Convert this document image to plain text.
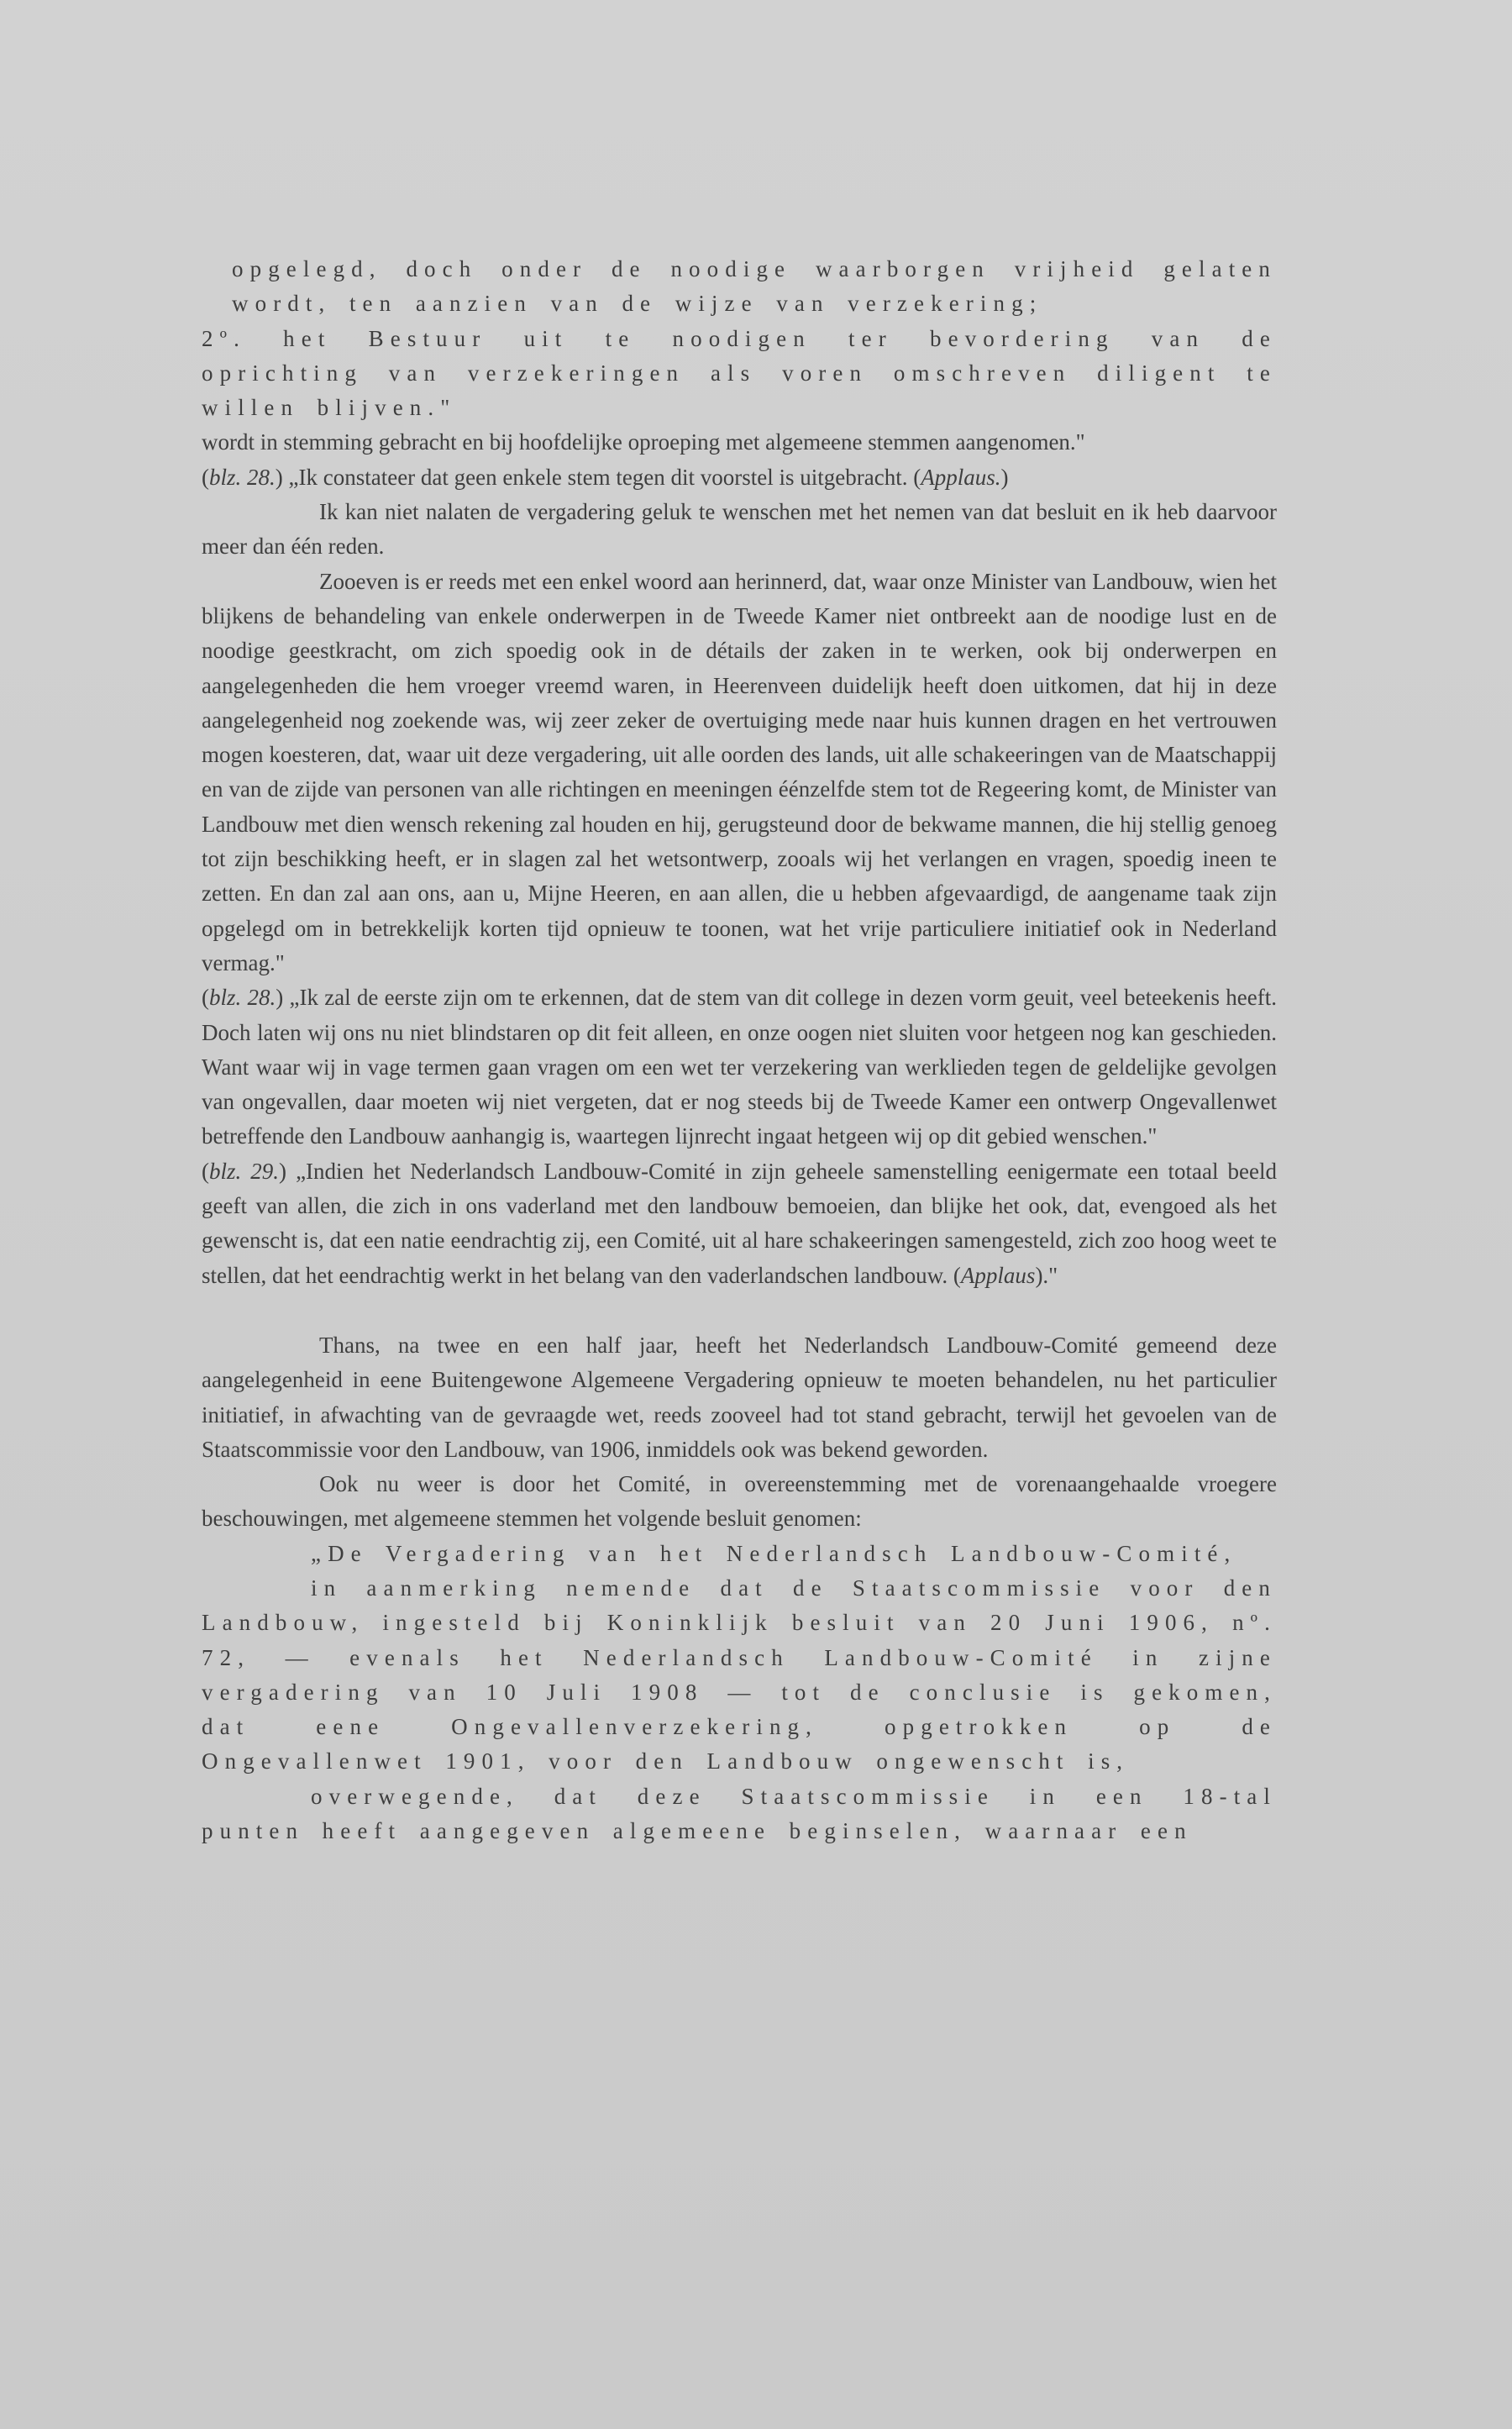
opgelegd, doch onder de noodige waarborgen vrijheid gelaten wordt, ten aanzien van de wijze van verzekering;

2º. het Bestuur uit te noodigen ter bevordering van de oprichting van verzekeringen als voren omschreven diligent te willen blijven."

wordt in stemming gebracht en bij hoofdelijke oproeping met algemeene stemmen aangenomen."

(blz. 28.) „Ik constateer dat geen enkele stem tegen dit voorstel is uitgebracht. (Applaus.)

Ik kan niet nalaten de vergadering geluk te wenschen met het nemen van dat besluit en ik heb daarvoor meer dan één reden.

Zooeven is er reeds met een enkel woord aan herinnerd, dat, waar onze Minister van Landbouw, wien het blijkens de behandeling van enkele onderwerpen in de Tweede Kamer niet ontbreekt aan de noodige lust en de noodige geestkracht, om zich spoedig ook in de détails der zaken in te werken, ook bij onderwerpen en aangelegenheden die hem vroeger vreemd waren, in Heerenveen duidelijk heeft doen uitkomen, dat hij in deze aangelegenheid nog zoekende was, wij zeer zeker de overtuiging mede naar huis kunnen dragen en het vertrouwen mogen koesteren, dat, waar uit deze vergadering, uit alle oorden des lands, uit alle schakeeringen van de Maatschappij en van de zijde van personen van alle richtingen en meeningen éénzelfde stem tot de Regeering komt, de Minister van Landbouw met dien wensch rekening zal houden en hij, gerugsteund door de bekwame mannen, die hij stellig genoeg tot zijn beschikking heeft, er in slagen zal het wetsontwerp, zooals wij het verlangen en vragen, spoedig ineen te zetten. En dan zal aan ons, aan u, Mijne Heeren, en aan allen, die u hebben afgevaardigd, de aangename taak zijn opgelegd om in betrekkelijk korten tijd opnieuw te toonen, wat het vrije particuliere initiatief ook in Nederland vermag."

(blz. 28.) „Ik zal de eerste zijn om te erkennen, dat de stem van dit college in dezen vorm geuit, veel beteekenis heeft. Doch laten wij ons nu niet blindstaren op dit feit alleen, en onze oogen niet sluiten voor hetgeen nog kan geschieden. Want waar wij in vage termen gaan vragen om een wet ter verzekering van werklieden tegen de geldelijke gevolgen van ongevallen, daar moeten wij niet vergeten, dat er nog steeds bij de Tweede Kamer een ontwerp Ongevallenwet betreffende den Landbouw aanhangig is, waartegen lijnrecht ingaat hetgeen wij op dit gebied wenschen."

(blz. 29.) „Indien het Nederlandsch Landbouw-Comité in zijn geheele samenstelling eenigermate een totaal beeld geeft van allen, die zich in ons vaderland met den landbouw bemoeien, dan blijke het ook, dat, evengoed als het gewenscht is, dat een natie eendrachtig zij, een Comité, uit al hare schakeeringen samengesteld, zich zoo hoog weet te stellen, dat het eendrachtig werkt in het belang van den vaderlandschen landbouw. (Applaus)."

Thans, na twee en een half jaar, heeft het Nederlandsch Landbouw-Comité gemeend deze aangelegenheid in eene Buitengewone Algemeene Vergadering opnieuw te moeten behandelen, nu het particulier initiatief, in afwachting van de gevraagde wet, reeds zooveel had tot stand gebracht, terwijl het gevoelen van de Staatscommissie voor den Landbouw, van 1906, inmiddels ook was bekend geworden.

Ook nu weer is door het Comité, in overeenstemming met de vorenaangehaalde vroegere beschouwingen, met algemeene stemmen het volgende besluit genomen:

„De Vergadering van het Nederlandsch Landbouw-Comité,

in aanmerking nemende dat de Staatscommissie voor den Landbouw, ingesteld bij Koninklijk besluit van 20 Juni 1906, nº. 72, — evenals het Nederlandsch Landbouw-Comité in zijne vergadering van 10 Juli 1908 — tot de conclusie is gekomen, dat eene Ongevallenverzekering, opgetrokken op de Ongevallenwet 1901, voor den Landbouw ongewenscht is,

overwegende, dat deze Staatscommissie in een 18-tal punten heeft aangegeven algemeene beginselen, waarnaar een
